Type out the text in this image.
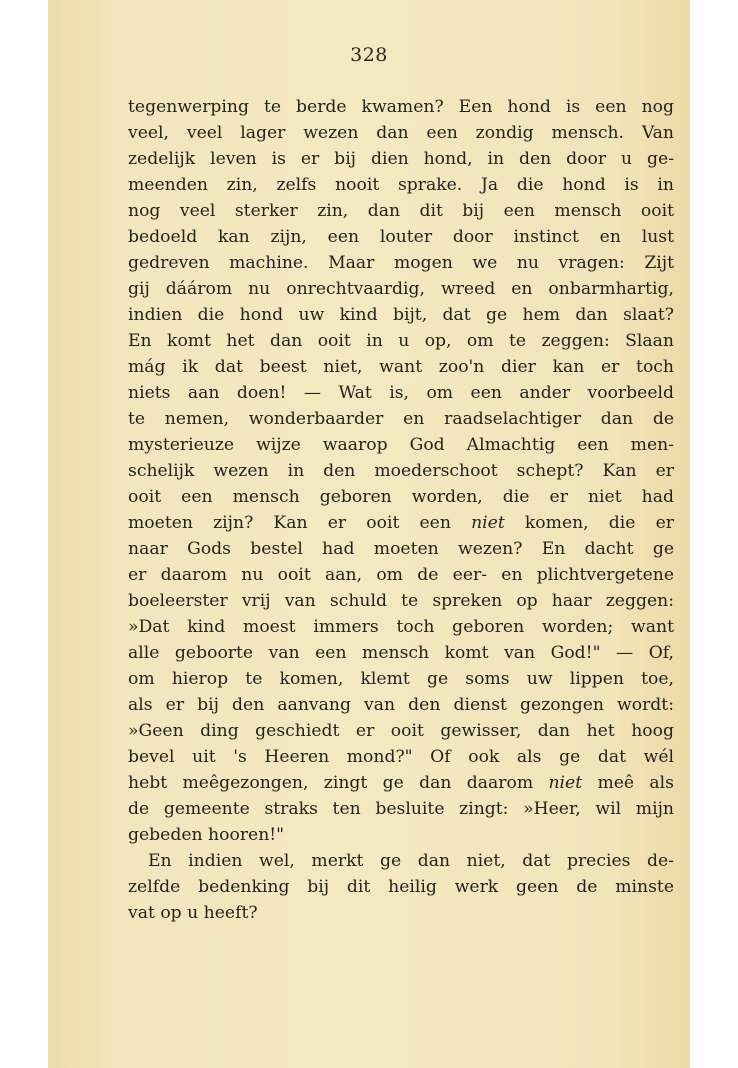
328
tegenwerping te berde kwamen? Een hond is een nog
veel, veel lager wezen dan een zondig mensch. Van
zedelijk leven is er bij dien hond, in den door u ge-
meenden zin, zelfs nooit sprake. Ja die hond is in
nog veel sterker zin, dan dit bij een mensch ooit
bedoeld kan zijn, een louter door instinct en lust
gedreven machine. Maar mogen we nu vragen: Zijt
gij dáárom nu onrechtvaardig, wreed en onbarmhartig,
indien die hond uw kind bijt, dat ge hem dan slaat?
En komt het dan ooit in u op, om te zeggen: Slaan
mág ik dat beest niet, want zoo'n dier kan er toch
niets aan doen! — Wat is, om een ander voorbeeld
te nemen, wonderbaarder en raadselachtiger dan de
mysterieuze wijze waarop God Almachtig een men-
schelijk wezen in den moederschoot schept? Kan er
ooit een mensch geboren worden, die er niet had
moeten zijn? Kan er ooit een niet komen, die er
naar Gods bestel had moeten wezen? En dacht ge
er daarom nu ooit aan, om de eer- en plichtvergetene
boeleerster vrij van schuld te spreken op haar zeggen:
»Dat kind moest immers toch geboren worden; want
alle geboorte van een mensch komt van God!" — Of,
om hierop te komen, klemt ge soms uw lippen toe,
als er bij den aanvang van den dienst gezongen wordt:
»Geen ding geschiedt er ooit gewisser, dan het hoog
bevel uit 's Heeren mond?" Of ook als ge dat wél
hebt meêgezongen, zingt ge dan daarom niet meê als
de gemeente straks ten besluite zingt: »Heer, wil mijn
gebeden hooren!"
En indien wel, merkt ge dan niet, dat precies de-
zelfde bedenking bij dit heilig werk geen de minste
vat op u heeft?
